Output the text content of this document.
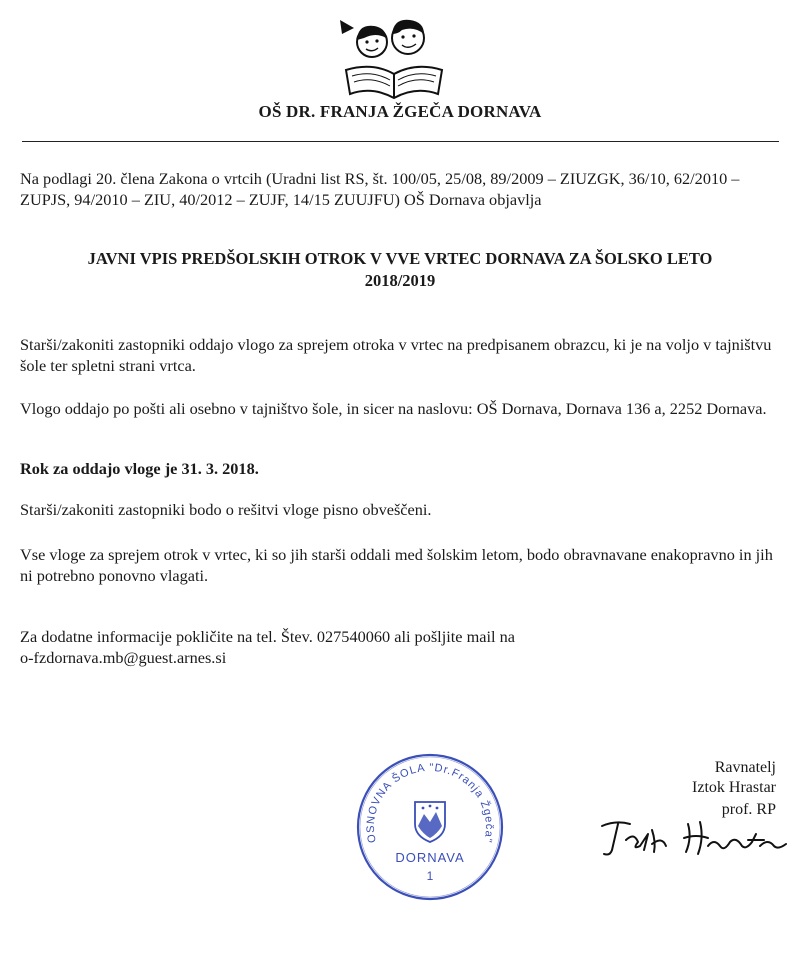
OŠ DR. FRANJA ŽGEČA DORNAVA
Na podlagi 20. člena Zakona o vrtcih (Uradni list RS, št. 100/05, 25/08, 89/2009 – ZIUZGK, 36/10, 62/2010 – ZUPJS, 94/2010 – ZIU, 40/2012 – ZUJF, 14/15 ZUUJFU) OŠ Dornava objavlja
JAVNI VPIS PREDŠOLSKIH OTROK V VVE VRTEC DORNAVA ZA ŠOLSKO LETO
2018/2019
Starši/zakoniti zastopniki oddajo vlogo za sprejem otroka v vrtec na predpisanem obrazcu, ki je na voljo v tajništvu šole ter spletni strani vrtca.
Vlogo oddajo po pošti ali osebno v tajništvo šole, in sicer na naslovu: OŠ Dornava, Dornava 136 a, 2252 Dornava.
Rok za oddajo vloge je 31. 3. 2018.
Starši/zakoniti zastopniki bodo o rešitvi vloge pisno obveščeni.
Vse vloge za sprejem otrok v vrtec, ki so jih starši oddali med šolskim letom, bodo obravnavane enakopravno in jih ni potrebno ponovno vlagati.
Za dodatne informacije pokličite na tel. Štev. 027540060 ali pošljite mail na
o-fzdornava.mb@guest.arnes.si
Ravnatelj
Iztok Hrastar
prof. RP
OSNOVNA ŠOLA "Dr.Franja Žgeča"
DORNAVA
1
